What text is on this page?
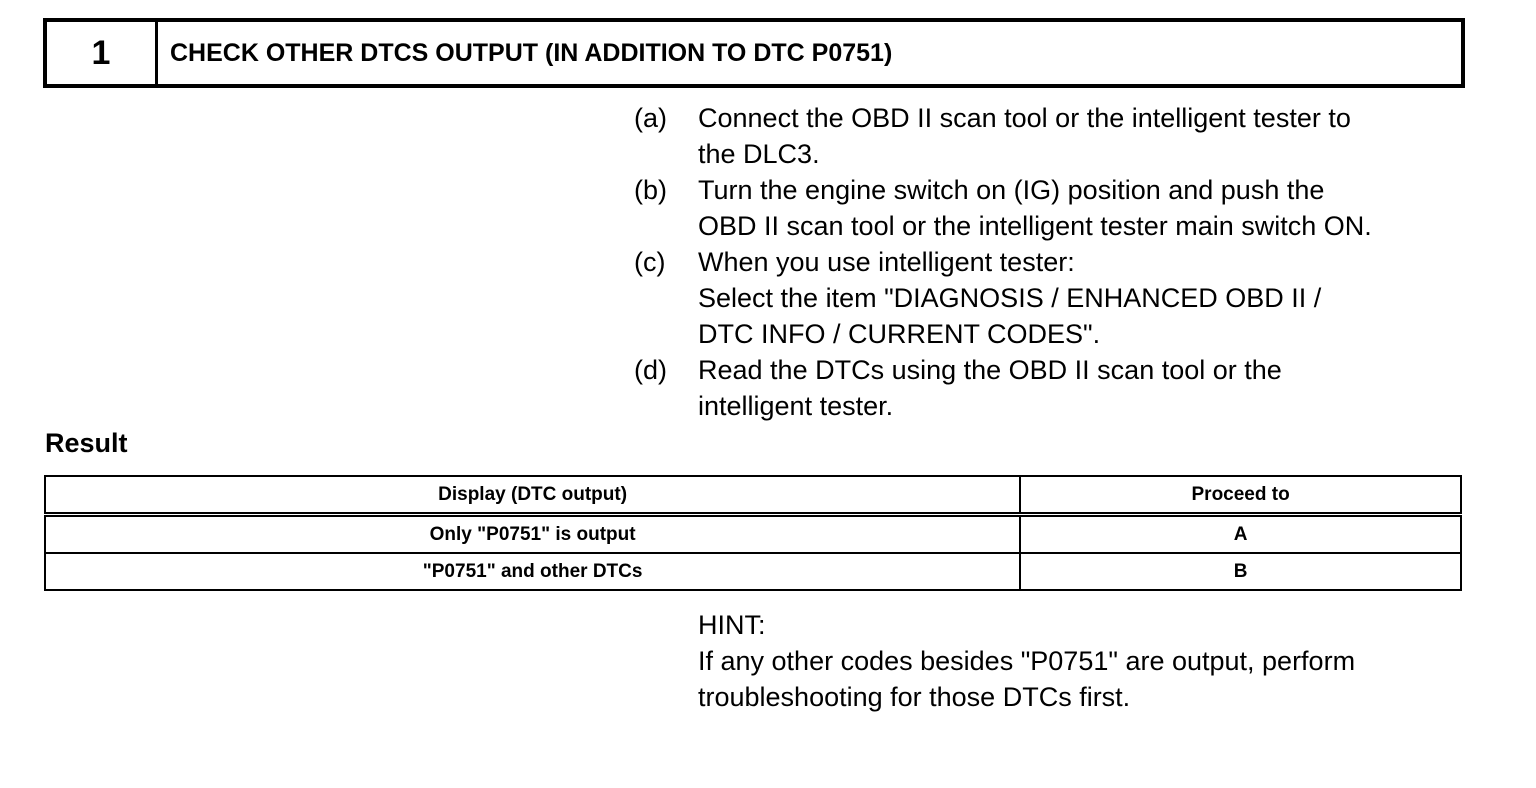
1	CHECK OTHER DTCS OUTPUT (IN ADDITION TO DTC P0751)
(a)	Connect the OBD II scan tool or the intelligent tester to
the DLC3.
(b)	Turn the engine switch on (IG) position and push the
OBD II scan tool or the intelligent tester main switch ON.
(c)	When you use intelligent tester:
Select the item "DIAGNOSIS / ENHANCED OBD II /
DTC INFO / CURRENT CODES".
(d)	Read the DTCs using the OBD II scan tool or the
intelligent tester.
Result
Display (DTC output)	Proceed to
Only "P0751" is output	A
"P0751" and other DTCs	B
HINT:
If any other codes besides "P0751" are output, perform
troubleshooting for those DTCs first.
